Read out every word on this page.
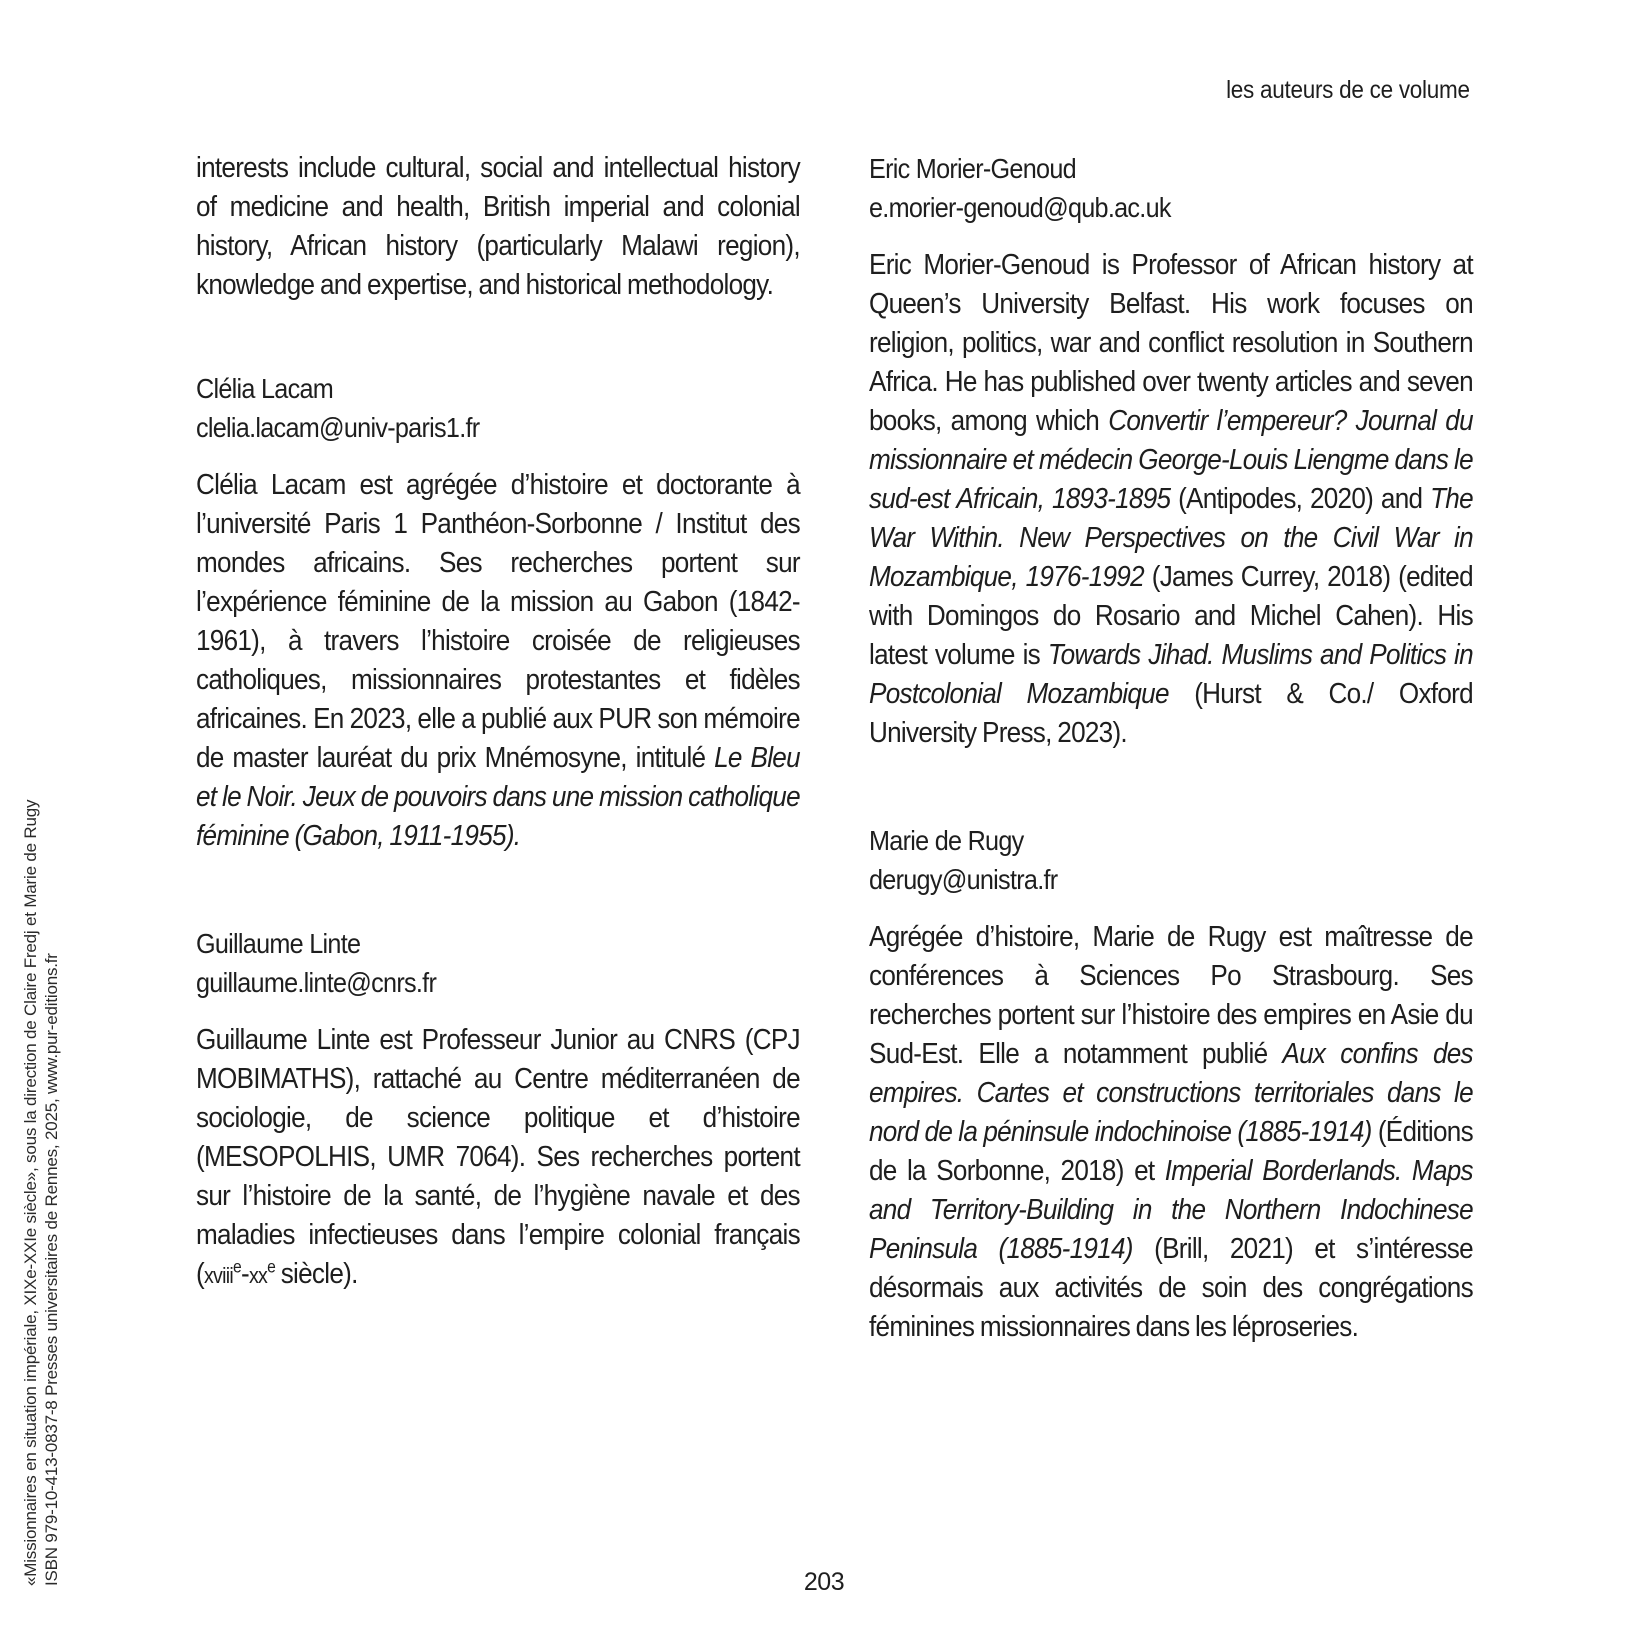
les auteurs de ce volume

interests include cultural, social and intellectual history of medicine and health, British imperial and colonial history, African history (particularly Malawi region), knowledge and expertise, and historical methodology.

Clélia Lacam
clelia.lacam@univ-paris1.fr

Clélia Lacam est agrégée d’histoire et doctorante à l’université Paris 1 Panthéon-Sorbonne / Institut des mondes africains. Ses recherches portent sur l’expérience féminine de la mission au Gabon (1842-1961), à travers l’histoire croisée de religieuses catholiques, missionnaires protestantes et fidèles africaines. En 2023, elle a publié aux PUR son mémoire de master lauréat du prix Mnémosyne, intitulé Le Bleu et le Noir. Jeux de pouvoirs dans une mission catholique féminine (Gabon, 1911-1955).

Guillaume Linte
guillaume.linte@cnrs.fr

Guillaume Linte est Professeur Junior au CNRS (CPJ MOBIMATHS), rattaché au Centre méditerranéen de sociologie, de science politique et d’histoire (MESOPOLHIS, UMR 7064). Ses recherches portent sur l’histoire de la santé, de l’hygiène navale et des maladies infectieuses dans l’empire colonial français ($xviii^e-xx^e$ siècle).

Eric Morier-Genoud
e.morier-genoud@qub.ac.uk

Eric Morier-Genoud is Professor of African history at Queen’s University Belfast. His work focuses on religion, politics, war and conflict resolution in Southern Africa. He has published over twenty articles and seven books, among which Convertir l’empereur? Journal du missionnaire et médecin George-Louis Liengme dans le sud-est Africain, 1893-1895 (Antipodes, 2020) and The War Within. New Perspectives on the Civil War in Mozambique, 1976-1992 (James Currey, 2018) (edited with Domingos do Rosario and Michel Cahen). His latest volume is Towards Jihad. Muslims and Politics in Postcolonial Mozambique (Hurst & Co./ Oxford University Press, 2023).

Marie de Rugy
derugy@unistra.fr

Agrégée d’histoire, Marie de Rugy est maîtresse de conférences à Sciences Po Strasbourg. Ses recherches portent sur l’histoire des empires en Asie du Sud-Est. Elle a notamment publié Aux confins des empires. Cartes et constructions territoriales dans le nord de la péninsule indochinoise (1885-1914) (Éditions de la Sorbonne, 2018) et Imperial Borderlands. Maps and Territory-Building in the Northern Indochinese Peninsula (1885-1914) (Brill, 2021) et s’intéresse désormais aux activités de soin des congrégations féminines missionnaires dans les léproseries.

«Missionnaires en situation impériale, XIXe-XXIe siècle», sous la direction de Claire Fredj et Marie de Rugy ISBN 979-10-413-0837-8 Presses universitaires de Rennes, 2025, www.pur-editions.fr	203
